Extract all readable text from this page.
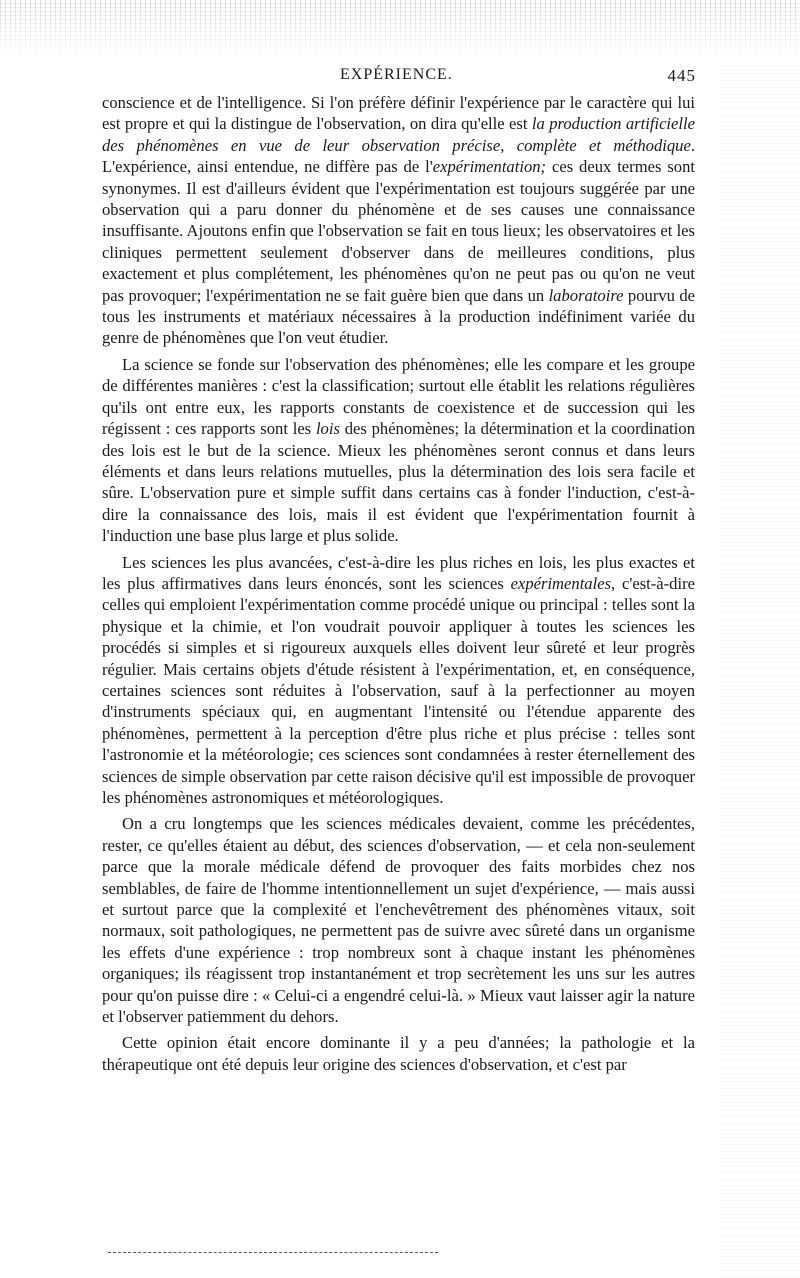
EXPÉRIENCE.	445

conscience et de l'intelligence. Si l'on préfère définir l'expérience par le caractère qui lui est propre et qui la distingue de l'observation, on dira qu'elle est la production artificielle des phénomènes en vue de leur observation précise, complète et méthodique. L'expérience, ainsi entendue, ne diffère pas de l'expérimentation; ces deux termes sont synonymes. Il est d'ailleurs évident que l'expérimentation est toujours suggérée par une observation qui a paru donner du phénomène et de ses causes une connaissance insuffisante. Ajoutons enfin que l'observation se fait en tous lieux; les observatoires et les cliniques permettent seulement d'observer dans de meilleures conditions, plus exactement et plus complétement, les phénomènes qu'on ne peut pas ou qu'on ne veut pas provoquer; l'expérimentation ne se fait guère bien que dans un laboratoire pourvu de tous les instruments et matériaux nécessaires à la production indéfiniment variée du genre de phénomènes que l'on veut étudier.

La science se fonde sur l'observation des phénomènes; elle les compare et les groupe de différentes manières : c'est la classification; surtout elle établit les relations régulières qu'ils ont entre eux, les rapports constants de coexistence et de succession qui les régissent : ces rapports sont les lois des phénomènes; la détermination et la coordination des lois est le but de la science. Mieux les phénomènes seront connus et dans leurs éléments et dans leurs relations mutuelles, plus la détermination des lois sera facile et sûre. L'observation pure et simple suffit dans certains cas à fonder l'induction, c'est-à-dire la connaissance des lois, mais il est évident que l'expérimentation fournit à l'induction une base plus large et plus solide.

Les sciences les plus avancées, c'est-à-dire les plus riches en lois, les plus exactes et les plus affirmatives dans leurs énoncés, sont les sciences expérimentales, c'est-à-dire celles qui emploient l'expérimentation comme procédé unique ou principal : telles sont la physique et la chimie, et l'on voudrait pouvoir appliquer à toutes les sciences les procédés si simples et si rigoureux auxquels elles doivent leur sûreté et leur progrès régulier. Mais certains objets d'étude résistent à l'expérimentation, et, en conséquence, certaines sciences sont réduites à l'observation, sauf à la perfectionner au moyen d'instruments spéciaux qui, en augmentant l'intensité ou l'étendue apparente des phénomènes, permettent à la perception d'être plus riche et plus précise : telles sont l'astronomie et la météorologie; ces sciences sont condamnées à rester éternellement des sciences de simple observation par cette raison décisive qu'il est impossible de provoquer les phénomènes astronomiques et météorologiques.

On a cru longtemps que les sciences médicales devaient, comme les précédentes, rester, ce qu'elles étaient au début, des sciences d'observation, — et cela non-seulement parce que la morale médicale défend de provoquer des faits morbides chez nos semblables, de faire de l'homme intentionnellement un sujet d'expérience, — mais aussi et surtout parce que la complexité et l'enchevêtrement des phénomènes vitaux, soit normaux, soit pathologiques, ne permettent pas de suivre avec sûreté dans un organisme les effets d'une expérience : trop nombreux sont à chaque instant les phénomènes organiques; ils réagissent trop instantanément et trop secrètement les uns sur les autres pour qu'on puisse dire : « Celui-ci a engendré celui-là. » Mieux vaut laisser agir la nature et l'observer patiemment du dehors.

Cette opinion était encore dominante il y a peu d'années; la pathologie et la thérapeutique ont été depuis leur origine des sciences d'observation, et c'est par
